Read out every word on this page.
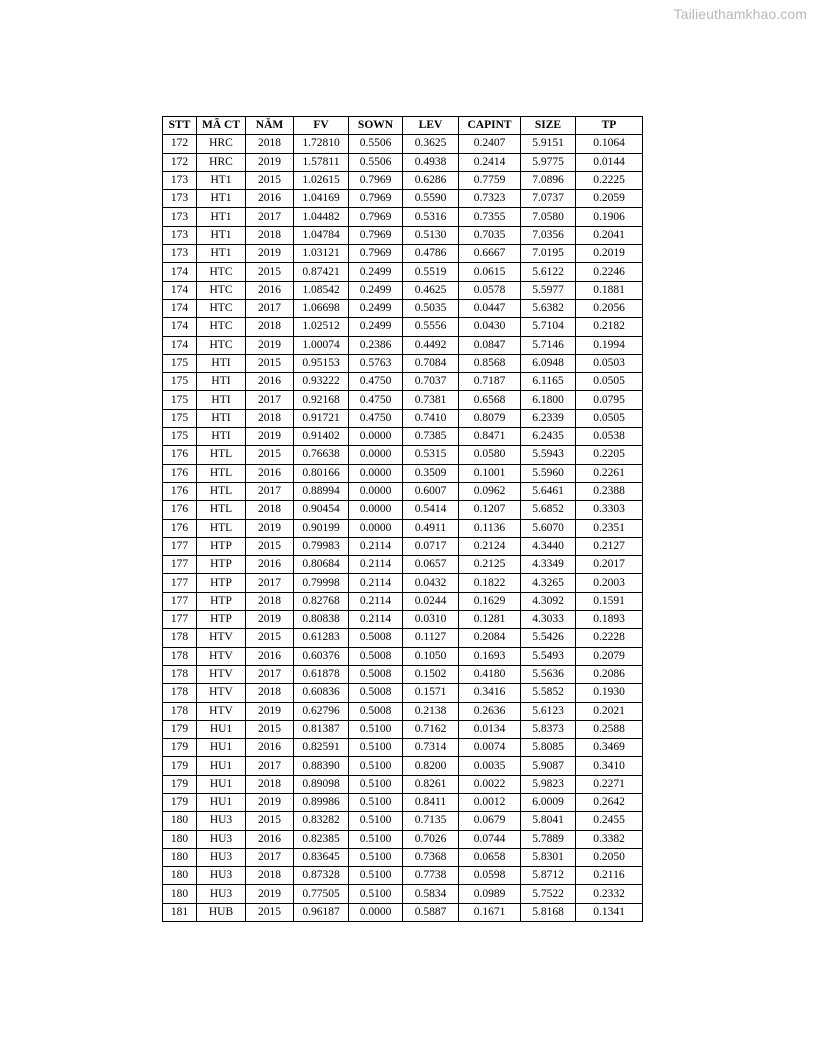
Tailieuthamkhao.com
STT	MÃ CT	NĂM	FV	SOWN	LEV	CAPINT	SIZE	TP
172	HRC	2018	1.72810	0.5506	0.3625	0.2407	5.9151	0.1064
172	HRC	2019	1.57811	0.5506	0.4938	0.2414	5.9775	0.0144
173	HT1	2015	1.02615	0.7969	0.6286	0.7759	7.0896	0.2225
173	HT1	2016	1.04169	0.7969	0.5590	0.7323	7.0737	0.2059
173	HT1	2017	1.04482	0.7969	0.5316	0.7355	7.0580	0.1906
173	HT1	2018	1.04784	0.7969	0.5130	0.7035	7.0356	0.2041
173	HT1	2019	1.03121	0.7969	0.4786	0.6667	7.0195	0.2019
174	HTC	2015	0.87421	0.2499	0.5519	0.0615	5.6122	0.2246
174	HTC	2016	1.08542	0.2499	0.4625	0.0578	5.5977	0.1881
174	HTC	2017	1.06698	0.2499	0.5035	0.0447	5.6382	0.2056
174	HTC	2018	1.02512	0.2499	0.5556	0.0430	5.7104	0.2182
174	HTC	2019	1.00074	0.2386	0.4492	0.0847	5.7146	0.1994
175	HTI	2015	0.95153	0.5763	0.7084	0.8568	6.0948	0.0503
175	HTI	2016	0.93222	0.4750	0.7037	0.7187	6.1165	0.0505
175	HTI	2017	0.92168	0.4750	0.7381	0.6568	6.1800	0.0795
175	HTI	2018	0.91721	0.4750	0.7410	0.8079	6.2339	0.0505
175	HTI	2019	0.91402	0.0000	0.7385	0.8471	6.2435	0.0538
176	HTL	2015	0.76638	0.0000	0.5315	0.0580	5.5943	0.2205
176	HTL	2016	0.80166	0.0000	0.3509	0.1001	5.5960	0.2261
176	HTL	2017	0.88994	0.0000	0.6007	0.0962	5.6461	0.2388
176	HTL	2018	0.90454	0.0000	0.5414	0.1207	5.6852	0.3303
176	HTL	2019	0.90199	0.0000	0.4911	0.1136	5.6070	0.2351
177	HTP	2015	0.79983	0.2114	0.0717	0.2124	4.3440	0.2127
177	HTP	2016	0.80684	0.2114	0.0657	0.2125	4.3349	0.2017
177	HTP	2017	0.79998	0.2114	0.0432	0.1822	4.3265	0.2003
177	HTP	2018	0.82768	0.2114	0.0244	0.1629	4.3092	0.1591
177	HTP	2019	0.80838	0.2114	0.0310	0.1281	4.3033	0.1893
178	HTV	2015	0.61283	0.5008	0.1127	0.2084	5.5426	0.2228
178	HTV	2016	0.60376	0.5008	0.1050	0.1693	5.5493	0.2079
178	HTV	2017	0.61878	0.5008	0.1502	0.4180	5.5636	0.2086
178	HTV	2018	0.60836	0.5008	0.1571	0.3416	5.5852	0.1930
178	HTV	2019	0.62796	0.5008	0.2138	0.2636	5.6123	0.2021
179	HU1	2015	0.81387	0.5100	0.7162	0.0134	5.8373	0.2588
179	HU1	2016	0.82591	0.5100	0.7314	0.0074	5.8085	0.3469
179	HU1	2017	0.88390	0.5100	0.8200	0.0035	5.9087	0.3410
179	HU1	2018	0.89098	0.5100	0.8261	0.0022	5.9823	0.2271
179	HU1	2019	0.89986	0.5100	0.8411	0.0012	6.0009	0.2642
180	HU3	2015	0.83282	0.5100	0.7135	0.0679	5.8041	0.2455
180	HU3	2016	0.82385	0.5100	0.7026	0.0744	5.7889	0.3382
180	HU3	2017	0.83645	0.5100	0.7368	0.0658	5.8301	0.2050
180	HU3	2018	0.87328	0.5100	0.7738	0.0598	5.8712	0.2116
180	HU3	2019	0.77505	0.5100	0.5834	0.0989	5.7522	0.2332
181	HUB	2015	0.96187	0.0000	0.5887	0.1671	5.8168	0.1341
